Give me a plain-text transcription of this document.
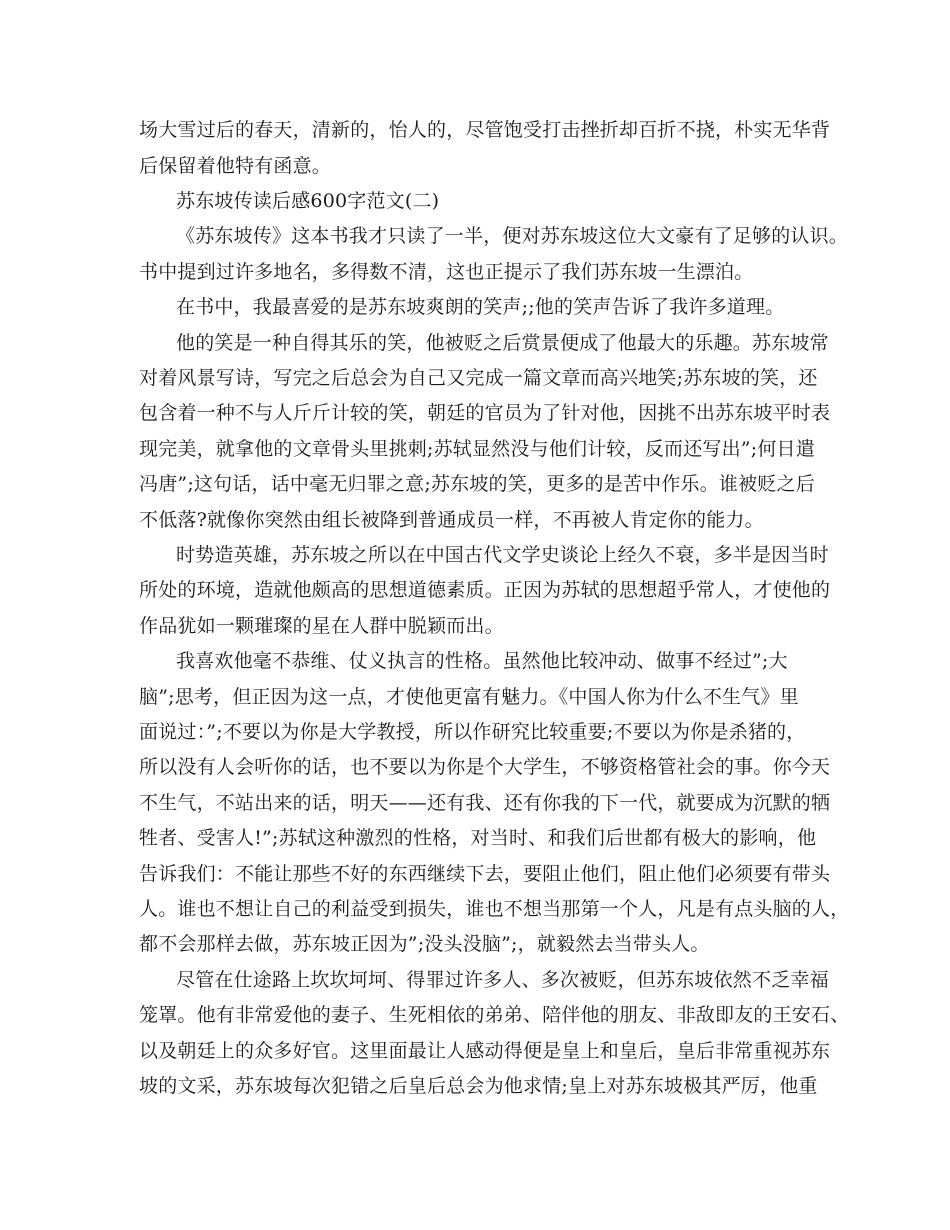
场大雪过后的春天，清新的，怡人的，尽管饱受打击挫折却百折不挠，朴实无华背
后保留着他特有函意。
苏东坡传读后感600字范文(二)
《苏东坡传》这本书我才只读了一半，便对苏东坡这位大文豪有了足够的认识。
书中提到过许多地名，多得数不清，这也正提示了我们苏东坡一生漂泊。
在书中，我最喜爱的是苏东坡爽朗的笑声;;他的笑声告诉了我许多道理。
他的笑是一种自得其乐的笑，他被贬之后赏景便成了他最大的乐趣。苏东坡常
对着风景写诗，写完之后总会为自己又完成一篇文章而高兴地笑;苏东坡的笑，还
包含着一种不与人斤斤计较的笑，朝廷的官员为了针对他，因挑不出苏东坡平时表
现完美，就拿他的文章骨头里挑刺;苏轼显然没与他们计较，反而还写出”;何日遣
冯唐”;这句话，话中毫无归罪之意;苏东坡的笑，更多的是苦中作乐。谁被贬之后
不低落?就像你突然由组长被降到普通成员一样，不再被人肯定你的能力。
时势造英雄，苏东坡之所以在中国古代文学史谈论上经久不衰，多半是因当时
所处的环境，造就他颇高的思想道德素质。正因为苏轼的思想超乎常人，才使他的
作品犹如一颗璀璨的星在人群中脱颖而出。
我喜欢他毫不恭维、仗义执言的性格。虽然他比较冲动、做事不经过”;大
脑”;思考，但正因为这一点，才使他更富有魅力。《中国人你为什么不生气》里
面说过：”;不要以为你是大学教授，所以作研究比较重要;不要以为你是杀猪的，
所以没有人会听你的话，也不要以为你是个大学生，不够资格管社会的事。你今天
不生气，不站出来的话，明天——还有我、还有你我的下一代，就要成为沉默的牺
牲者、受害人!”;苏轼这种激烈的性格，对当时、和我们后世都有极大的影响，他
告诉我们：不能让那些不好的东西继续下去，要阻止他们，阻止他们必须要有带头
人。谁也不想让自己的利益受到损失，谁也不想当那第一个人，凡是有点头脑的人，
都不会那样去做，苏东坡正因为”;没头没脑”;，就毅然去当带头人。
尽管在仕途路上坎坎坷坷、得罪过许多人、多次被贬，但苏东坡依然不乏幸福
笼罩。他有非常爱他的妻子、生死相依的弟弟、陪伴他的朋友、非敌即友的王安石、
以及朝廷上的众多好官。这里面最让人感动得便是皇上和皇后，皇后非常重视苏东
坡的文采，苏东坡每次犯错之后皇后总会为他求情;皇上对苏东坡极其严厉，他重
